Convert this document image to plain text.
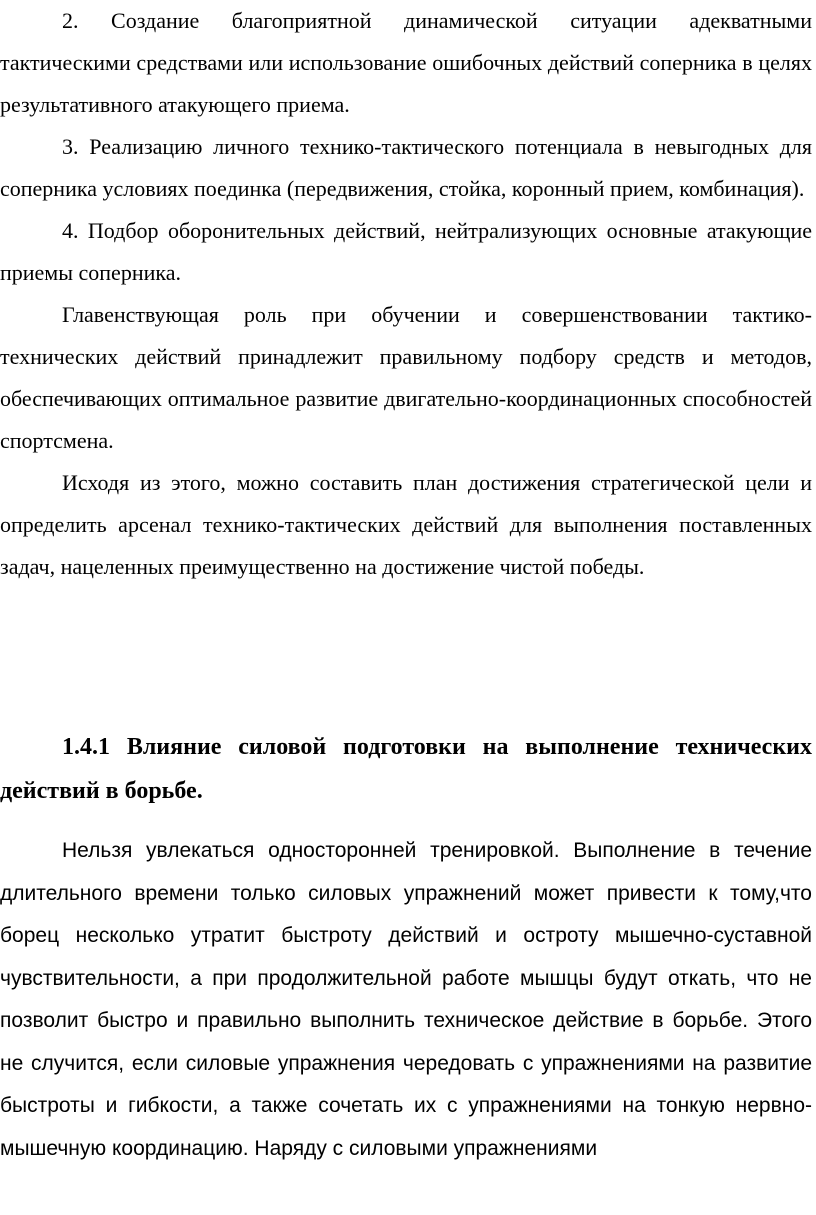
2. Создание благоприятной динамической ситуации адекватными тактическими средствами или использование ошибочных действий соперника в целях результативного атакующего приема.

3. Реализацию личного технико-тактического потенциала в невыгодных для соперника условиях поединка (передвижения, стойка, коронный прием, комбинация).

4. Подбор оборонительных действий, нейтрализующих основные атакующие приемы соперника.

Главенствующая роль при обучении и совершенствовании тактико-технических действий принадлежит правильному подбору средств и методов, обеспечивающих оптимальное развитие двигательно-координационных способностей спортсмена.

Исходя из этого, можно составить план достижения стратегической цели и определить арсенал технико-тактических действий для выполнения поставленных задач, нацеленных преимущественно на достижение чистой победы.

1.4.1 Влияние силовой подготовки на выполнение технических действий в борьбе.

Нельзя увлекаться односторонней тренировкой. Выполнение в течение длительного времени только силовых упражнений может привести к тому,что борец несколько утратит быстроту действий и остроту мышечно-суставной чувствительности, а при продолжительной работе мышцы будут откать, что не позволит быстро и правильно выполнить техническое действие в борьбе. Этого не случится, если силовые упражнения чередовать с упражнениями на развитие быстроты и гибкости, а также сочетать их с упражнениями на тонкую нервно-мышечную координацию. Наряду с силовыми упражнениями
